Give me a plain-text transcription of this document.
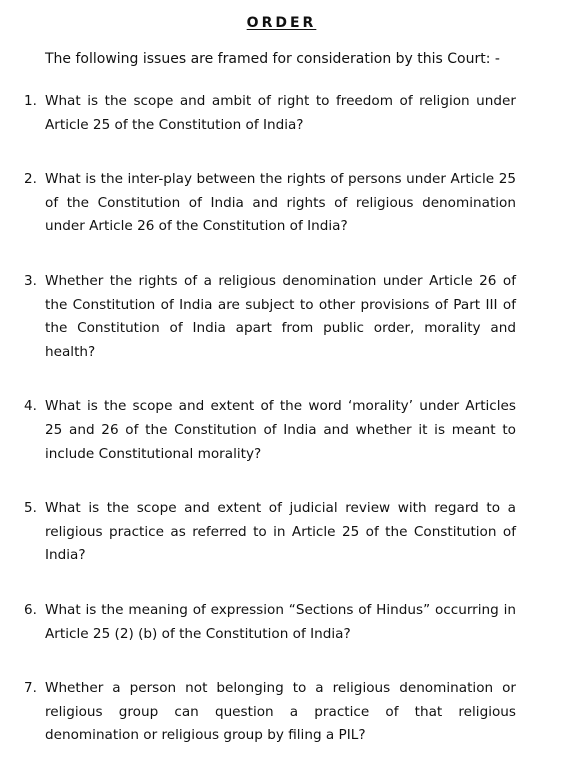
ORDER
The following issues are framed for consideration by this Court: -
1. What is the scope and ambit of right to freedom of religion under Article 25 of the Constitution of India?
2. What is the inter-play between the rights of persons under Article 25 of the Constitution of India and rights of religious denomination under Article 26 of the Constitution of India?
3. Whether the rights of a religious denomination under Article 26 of the Constitution of India are subject to other provisions of Part III of the Constitution of India apart from public order, morality and health?
4. What is the scope and extent of the word ‘morality’ under Articles 25 and 26 of the Constitution of India and whether it is meant to include Constitutional morality?
5. What is the scope and extent of judicial review with regard to a religious practice as referred to in Article 25 of the Constitution of India?
6. What is the meaning of expression “Sections of Hindus” occurring in Article 25 (2) (b) of the Constitution of India?
7. Whether a person not belonging to a religious denomination or religious group can question a practice of that religious denomination or religious group by filing a PIL?
